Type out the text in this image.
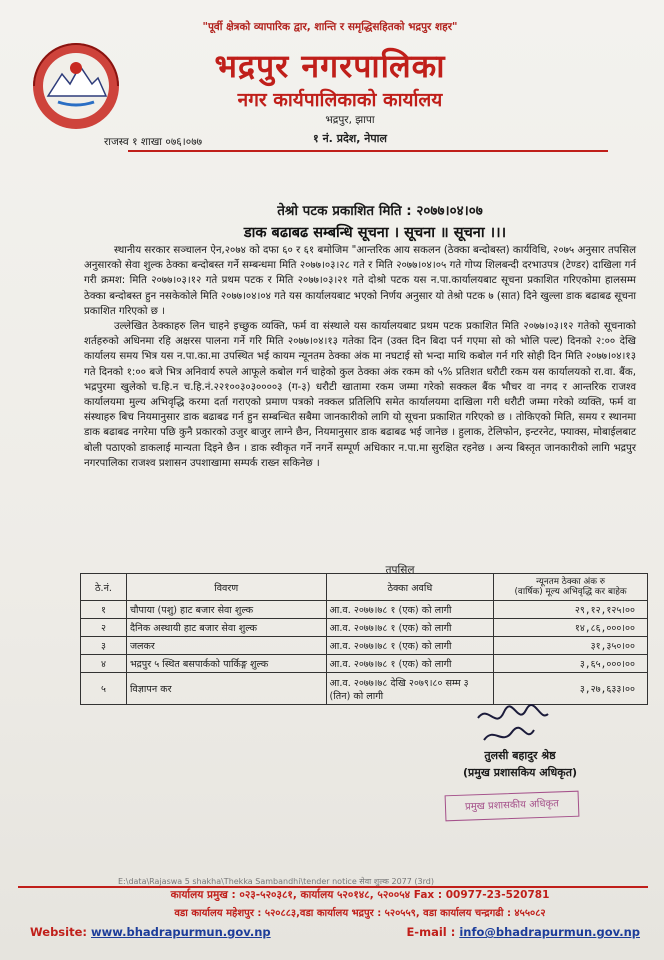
"पूर्वी क्षेत्रको व्यापारिक द्वार, शान्ति र समृद्धिसहितको भद्रपुर शहर"
भद्रपुर नगरपालिका
नगर कार्यपालिकाको कार्यालय
भद्रपुर, झापा
राजस्व १ शाखा ०७६।०७७	१ नं. प्रदेश, नेपाल
तेश्रो पटक प्रकाशित मिति : २०७७।०४।०७
डाक बढाबढ सम्बन्धि सूचना । सूचना ॥ सूचना ।।।

स्थानीय सरकार सञ्चालन ऐन,२०७४ को दफा ६० र ६१ बमोजिम "आन्तरिक आय सकलन (ठेक्का बन्दोबस्त) कार्यविधि, २०७५ अनुसार तपसिल अनुसारको सेवा शुल्क ठेक्का बन्दोबस्त गर्ने सम्बन्धमा मिति २०७७।०३।२८ गते र मिति २०७७।०४।०५ गते गोप्य शिलबन्दी दरभाउपत्र (टेण्डर) दाखिला गर्न गरी क्रमश: मिति २०७७।०३।१२ गते प्रथम पटक र मिति २०७७।०३।२१ गते दोश्रो पटक यस न.पा.कार्यालयबाट सूचना प्रकाशित गरिएकोमा हालसम्म ठेक्का बन्दोबस्त हुन नसकेकोले मिति २०७७।०४।०४ गते यस कार्यालयबाट भएको निर्णय अनुसार यो तेश्रो पटक ७ (सात) दिने खुल्ला डाक बढाबढ सूचना प्रकाशित गरिएको छ ।

उल्लेखित ठेक्काहरु लिन चाहने इच्छुक व्यक्ति, फर्म वा संस्थाले यस कार्यालयबाट प्रथम पटक प्रकाशित मिति २०७७।०३।१२ गतेको सूचनाको शर्तहरुको अधिनमा रहि अक्षरस पालना गर्ने गरि मिति २०७७।०४।१३ गतेका दिन (उक्त दिन बिदा पर्न गएमा सो को भोलि पल्ट) दिनको २:०० देखि कार्यालय समय भित्र यस न.पा.का.मा उपस्थित भई कायम न्यूनतम ठेक्का अंक मा नघटाई सो भन्दा माथि कबोल गर्न गरि सोही दिन मिति २०७७।०४।१३ गते दिनको १:०० बजे भित्र अनिवार्य रुपले आफूले कबोल गर्न चाहेको कुल ठेक्का अंक रकम को ५% प्रतिशत धरौटी रकम यस कार्यालयको रा.वा. बैंक, भद्रपुरमा खुलेको च.हि.न च.हि.नं.२२१००३०३००००३ (ग-३) धरौटी खातामा रकम जम्मा गरेको सक्कल बैंक भौचर वा नगद र आन्तरिक राजश्व कार्यालयमा मुल्य अभिवृद्धि करमा दर्ता गराएको प्रमाण पत्रको नक्कल प्रतिलिपि समेत कार्यालयमा दाखिला गरी धरौटी जम्मा गरेको व्यक्ति, फर्म वा संस्थाहरु बिच नियमानुसार डाक बढाबढ गर्न हुन सम्बन्धित सबैमा जानकारीको लागि यो सूचना प्रकाशित गरिएको छ । तोकिएको मिति, समय र स्थानमा डाक बढाबढ नगरेमा पछि कुनै प्रकारको उजुर बाजुर लाग्ने छैन, नियमानुसार डाक बढाबढ भई जानेछ । हुलाक, टेलिफोन, इन्टरनेट, फ्याक्स, मोबाईलबाट बोली पठाएको डाकलाई मान्यता दिइने छैन । डाक स्वीकृत गर्ने नगर्ने सम्पूर्ण अधिकार न.पा.मा सुरक्षित रहनेछ । अन्य बिस्तृत जानकारीको लागि भद्रपुर नगरपालिका राजश्व प्रशासन उपशाखामा सम्पर्क राख्न सकिनेछ ।

तपसिल
ठे.नं.	विवरण	ठेक्का अवधि	न्यूनतम ठेक्का अंक रु
(वार्षिक) मूल्य अभिवृद्धि कर बाहेक

१	चौपाया (पशु) हाट बजार सेवा शुल्क	आ.व. २०७७।७८ १ (एक) को लागी	२९,१२,१२५।००
२	दैनिक अस्थायी हाट बजार सेवा शुल्क	आ.व. २०७७।७८ १ (एक) को लागी	१४,८६,०००।००
३	जलकर	आ.व. २०७७।७८ १ (एक) को लागी	३१,३५०।००
४	भद्रपुर ५ स्थित बसपार्कको पार्किङ्ग शुल्क	आ.व. २०७७।७८ १ (एक) को लागी	३,६५,०००।००
५	विज्ञापन कर	आ.व. २०७७।७८ देखि २०७९।८० सम्म ३ (तिन) को लागी	३,२७,६३३।००
तुलसी बहादुर श्रेष्ठ
(प्रमुख प्रशासकिय अधिकृत)
प्रमुख प्रशासकीय अधिकृत
E:\data\Rajaswa 5 shakha\Thekka Sambandhi\tender notice सेवा शुल्क 2077 (3rd)
कार्यालय प्रमुख : ०२३-५२०३८१, कार्यालय ५२०१४८, ५२००५४ Fax : 00977-23-520781
वडा कार्यालय महेशपुर : ५२०८८३,वडा कार्यालय भद्रपुर : ५२०५५९, वडा कार्यालय चन्द्रगढी : ४५५०८२
Website: www.bhadrapurmun.gov.np	E-mail : info@bhadrapurmun.gov.np
